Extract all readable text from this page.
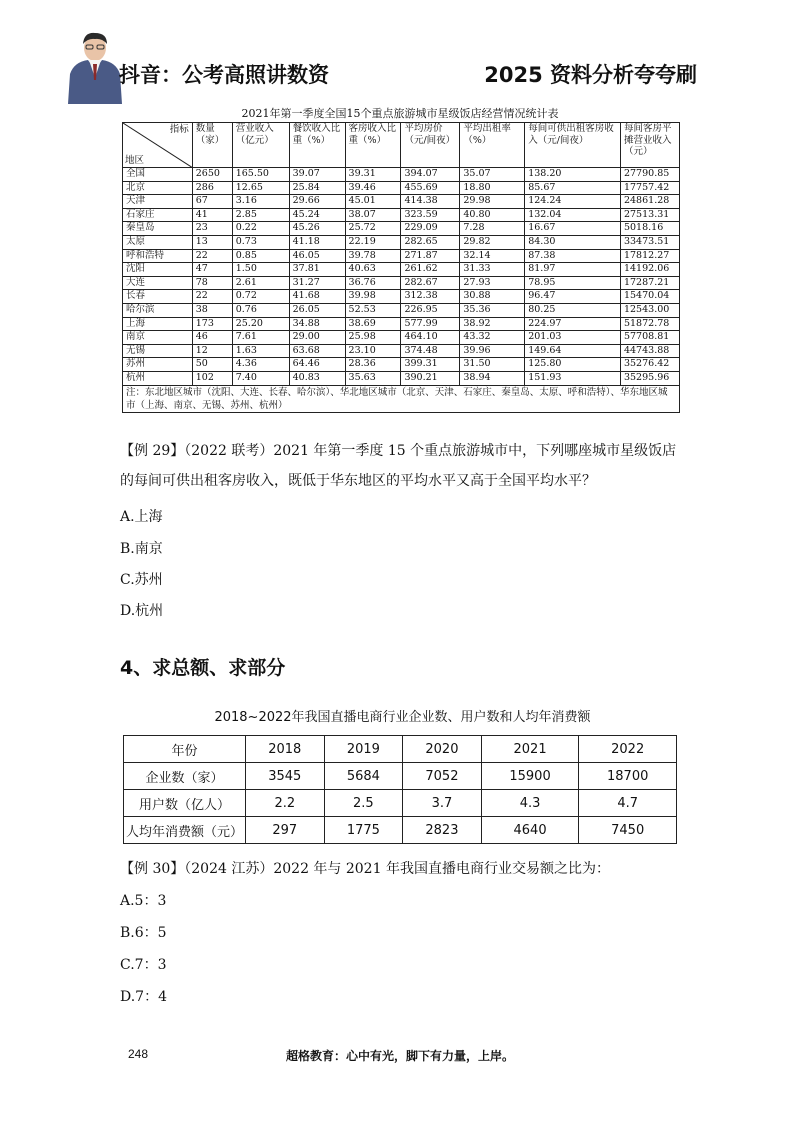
抖音：公考高照讲数资	2025 资料分析夸夸刷
2021年第一季度全国15个重点旅游城市星级饭店经营情况统计表
指标
地区	数量（家）	营业收入（亿元）	餐饮收入比重（%）	客房收入比重（%）	平均房价（元/间夜）	平均出租率（%）	每间可供出租客房收入（元/间夜）	每间客房平摊营业收入（元）
全国	2650	165.50	39.07	39.31	394.07	35.07	138.20	27790.85
北京	286	12.65	25.84	39.46	455.69	18.80	85.67	17757.42
天津	67	3.16	29.66	45.01	414.38	29.98	124.24	24861.28
石家庄	41	2.85	45.24	38.07	323.59	40.80	132.04	27513.31
秦皇岛	23	0.22	45.26	25.72	229.09	7.28	16.67	5018.16
太原	13	0.73	41.18	22.19	282.65	29.82	84.30	33473.51
呼和浩特	22	0.85	46.05	39.78	271.87	32.14	87.38	17812.27
沈阳	47	1.50	37.81	40.63	261.62	31.33	81.97	14192.06
大连	78	2.61	31.27	36.76	282.67	27.93	78.95	17287.21
长春	22	0.72	41.68	39.98	312.38	30.88	96.47	15470.04
哈尔滨	38	0.76	26.05	52.53	226.95	35.36	80.25	12543.00
上海	173	25.20	34.88	38.69	577.99	38.92	224.97	51872.78
南京	46	7.61	29.00	25.98	464.10	43.32	201.03	57708.81
无锡	12	1.63	63.68	23.10	374.48	39.96	149.64	44743.88
苏州	50	4.36	64.46	28.36	399.31	31.50	125.80	35276.42
杭州	102	7.40	40.83	35.63	390.21	38.94	151.93	35295.96
注：东北地区城市（沈阳、大连、长春、哈尔滨）、华北地区城市（北京、天津、石家庄、秦皇岛、太原、呼和浩特）、华东地区城市（上海、南京、无锡、苏州、杭州）								
【例 29】（2022 联考）2021 年第一季度 15 个重点旅游城市中，下列哪座城市星级饭店的每间可供出租客房收入，既低于华东地区的平均水平又高于全国平均水平？
A.上海
B.南京
C.苏州
D.杭州
4、求总额、求部分
2018~2022年我国直播电商行业企业数、用户数和人均年消费额
年份	2018	2019	2020	2021	2022
企业数（家）	3545	5684	7052	15900	18700
用户数（亿人）	2.2	2.5	3.7	4.3	4.7
人均年消费额（元）	297	1775	2823	4640	7450
【例 30】（2024 江苏）2022 年与 2021 年我国直播电商行业交易额之比为：
A.5：3
B.6：5
C.7：3
D.7：4
248	超格教育：心中有光，脚下有力量，上岸。
